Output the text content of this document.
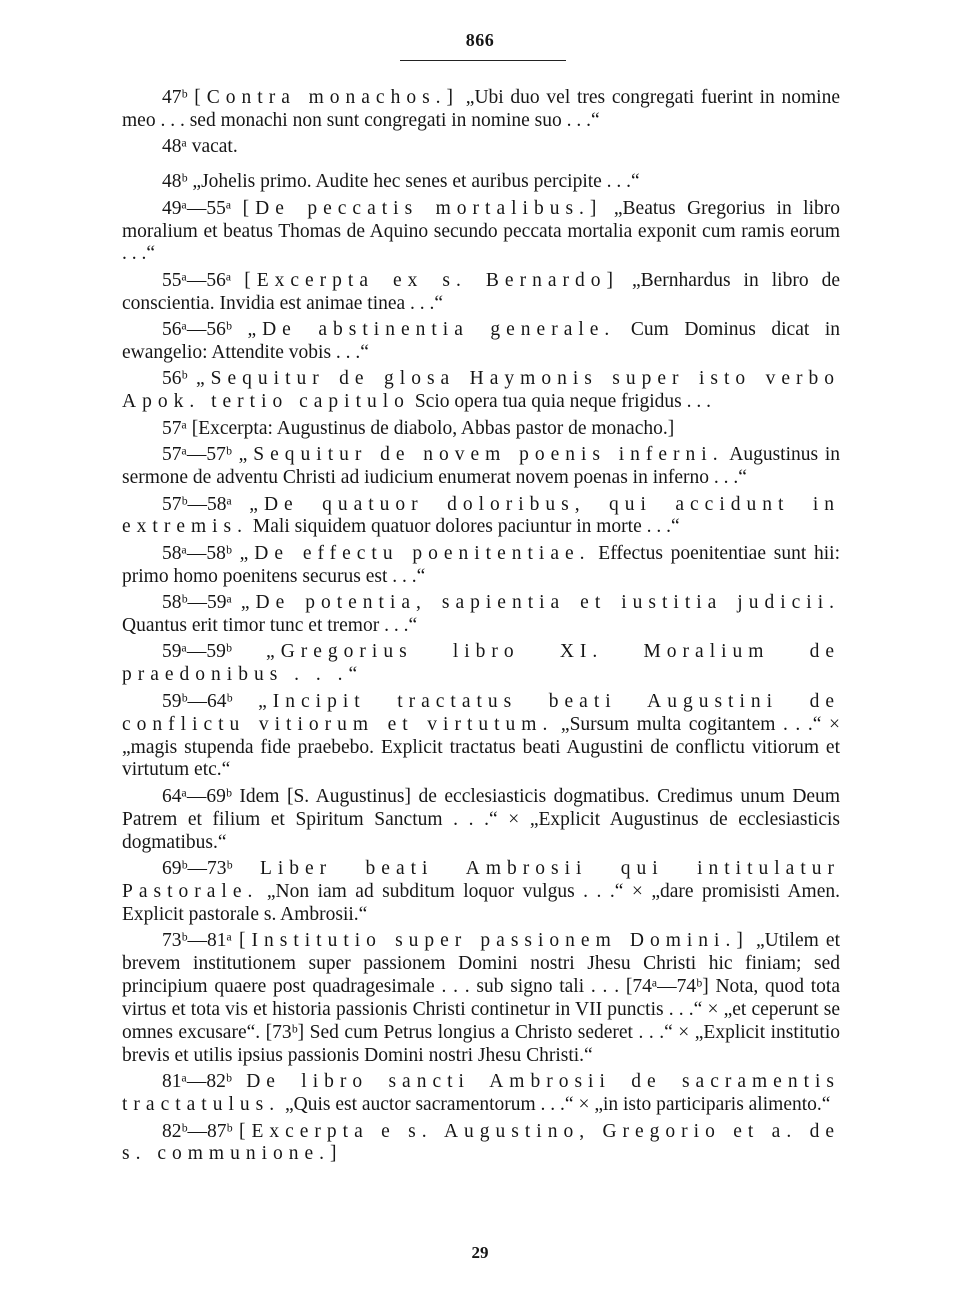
866

47ᵇ [Contra monachos.] „Ubi duo vel tres congregati fuerint in nomine meo . . . sed monachi non sunt congregati in nomine suo . . .“

48ᵃ vacat.

48ᵇ „Johelis primo. Audite hec senes et auribus percipite . . .“

49ᵃ—55ᵃ [De peccatis mortalibus.] „Beatus Gregorius in libro moralium et beatus Thomas de Aquino secundo peccata mortalia exponit cum ramis eorum . . .“

55ᵃ—56ᵃ [Excerpta ex s. Bernardo] „Bernhardus in libro de conscientia. Invidia est animae tinea . . .“

56ᵃ—56ᵇ „De abstinentia generale. Cum Dominus dicat in ewangelio: Attendite vobis . . .“

56ᵇ „Sequitur de glosa Haymonis super isto verbo Apok. tertio capitulo Scio opera tua quia neque frigidus . . .

57ᵃ [Excerpta: Augustinus de diabolo, Abbas pastor de monacho.]

57ᵃ—57ᵇ „Sequitur de novem poenis inferni. Augustinus in sermone de adventu Christi ad iudicium enumerat novem poenas in inferno . . .“

57ᵇ—58ᵃ „De quatuor doloribus, qui accidunt in extremis. Mali siquidem quatuor dolores paciuntur in morte . . .“

58ᵃ—58ᵇ „De effectu poenitentiae. Effectus poenitentiae sunt hii: primo homo poenitens securus est . . .“

58ᵇ—59ᵃ „De potentia, sapientia et iustitia judicii. Quantus erit timor tunc et tremor . . .“

59ᵃ—59ᵇ „Gregorius libro XI. Moralium de praedonibus . . .“

59ᵇ—64ᵇ „Incipit tractatus beati Augustini de conflictu vitiorum et virtutum. „Sursum multa cogitantem . . .“ × „magis stupenda fide praebebo. Explicit tractatus beati Augustini de conflictu vitiorum et virtutum etc.“

64ᵃ—69ᵇ Idem [S. Augustinus] de ecclesiasticis dogmatibus. Credimus unum Deum Patrem et filium et Spiritum Sanctum . . .“ × „Explicit Augustinus de ecclesiasticis dogmatibus.“

69ᵇ—73ᵇ Liber beati Ambrosii qui intitulatur Pastorale. „Non iam ad subditum loquor vulgus . . .“ × „dare promisisti Amen. Explicit pastorale s. Ambrosii.“

73ᵇ—81ᵃ [Institutio super passionem Domini.] „Utilem et brevem institutionem super passionem Domini nostri Jhesu Christi hic finiam; sed principium quaere post quadragesimale . . . sub signo tali . . . [74ᵃ—74ᵇ] Nota, quod tota virtus et tota vis et historia passionis Christi continetur in VII punctis . . .“ × „et ceperunt se omnes excusare“. [73ᵇ] Sed cum Petrus longius a Christo sederet . . .“ × „Explicit institutio brevis et utilis ipsius passionis Domini nostri Jhesu Christi.“

81ᵃ—82ᵇ De libro sancti Ambrosii de sacramentis tractatulus. „Quis est auctor sacramentorum . . .“ × „in isto participaris alimento.“

82ᵇ—87ᵇ [Excerpta e s. Augustino, Gregorio et a. de s. communione.]

29
